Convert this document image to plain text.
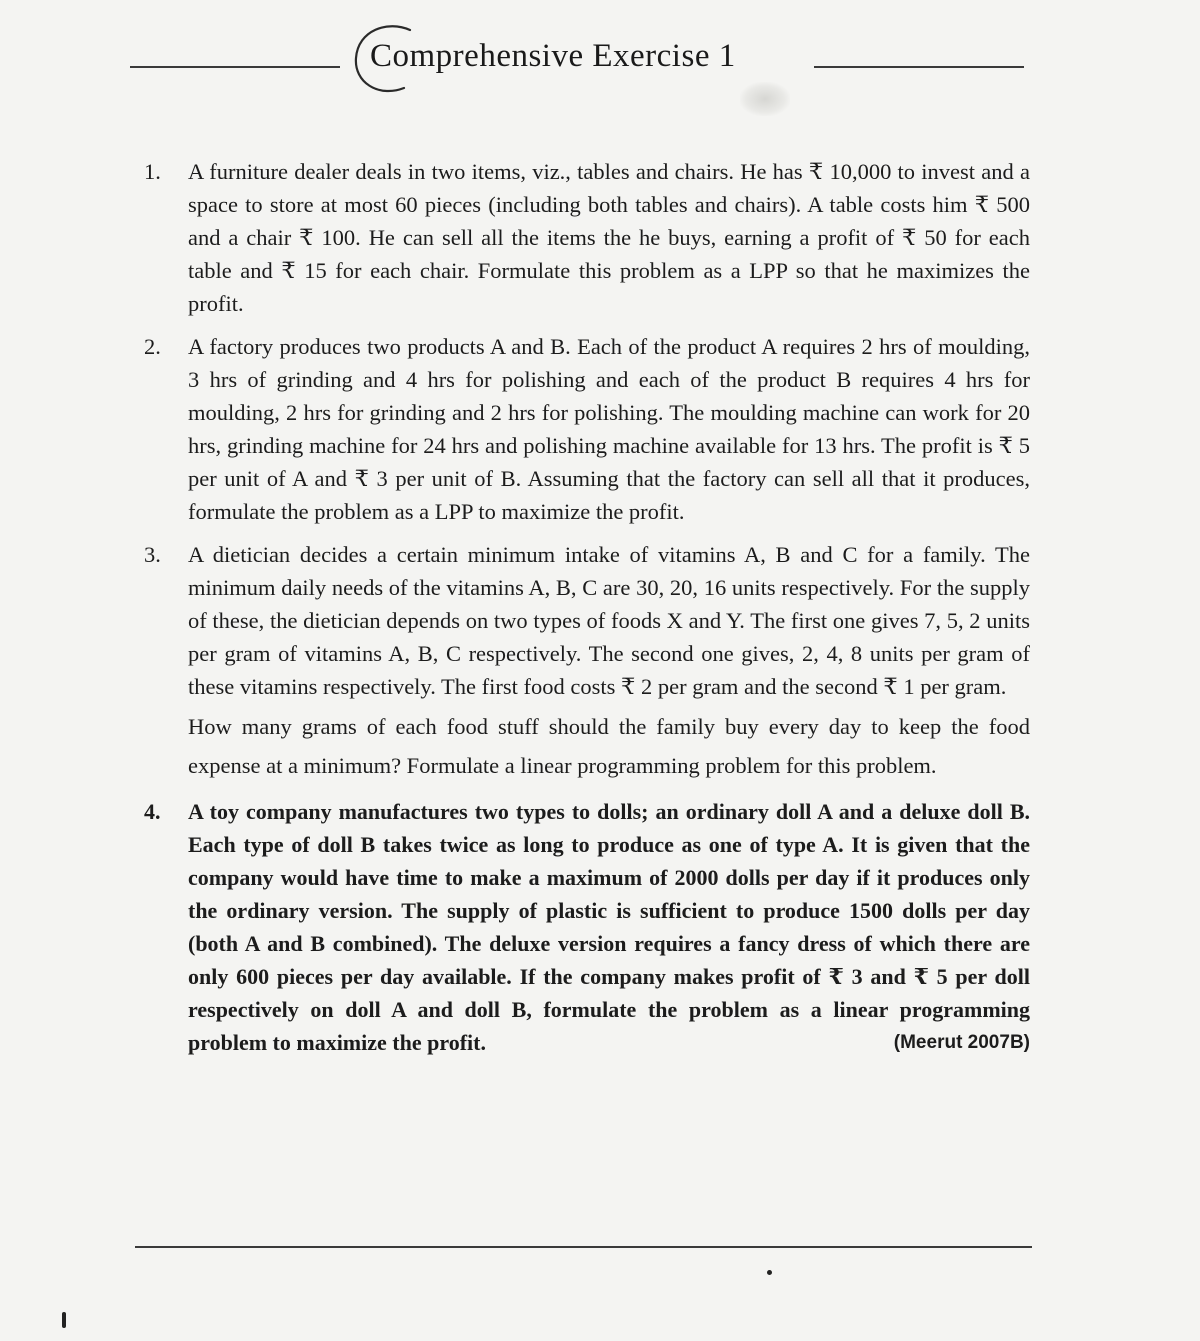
Comprehensive Exercise 1
1. A furniture dealer deals in two items, viz., tables and chairs. He has ₹ 10,000 to invest and a space to store at most 60 pieces (including both tables and chairs). A table costs him ₹ 500 and a chair ₹ 100. He can sell all the items the he buys, earning a profit of ₹ 50 for each table and ₹ 15 for each chair. Formulate this problem as a LPP so that he maximizes the profit.

2. A factory produces two products A and B. Each of the product A requires 2 hrs of moulding, 3 hrs of grinding and 4 hrs for polishing and each of the product B requires 4 hrs for moulding, 2 hrs for grinding and 2 hrs for polishing. The moulding machine can work for 20 hrs, grinding machine for 24 hrs and polishing machine available for 13 hrs. The profit is ₹ 5 per unit of A and ₹ 3 per unit of B. Assuming that the factory can sell all that it produces, formulate the problem as a LPP to maximize the profit.

3. A dietician decides a certain minimum intake of vitamins A, B and C for a family. The minimum daily needs of the vitamins A, B, C are 30, 20, 16 units respectively. For the supply of these, the dietician depends on two types of foods X and Y. The first one gives 7, 5, 2 units per gram of vitamins A, B, C respectively. The second one gives, 2, 4, 8 units per gram of these vitamins respectively. The first food costs ₹ 2 per gram and the second ₹ 1 per gram.

How many grams of each food stuff should the family buy every day to keep the food expense at a minimum? Formulate a linear programming problem for this problem.

4. A toy company manufactures two types to dolls; an ordinary doll A and a deluxe doll B. Each type of doll B takes twice as long to produce as one of type A. It is given that the company would have time to make a maximum of 2000 dolls per day if it produces only the ordinary version. The supply of plastic is sufficient to produce 1500 dolls per day (both A and B combined). The deluxe version requires a fancy dress of which there are only 600 pieces per day available. If the company makes profit of ₹ 3 and ₹ 5 per doll respectively on doll A and doll B, formulate the problem as a linear programming problem to maximize the profit.	(Meerut 2007B)
